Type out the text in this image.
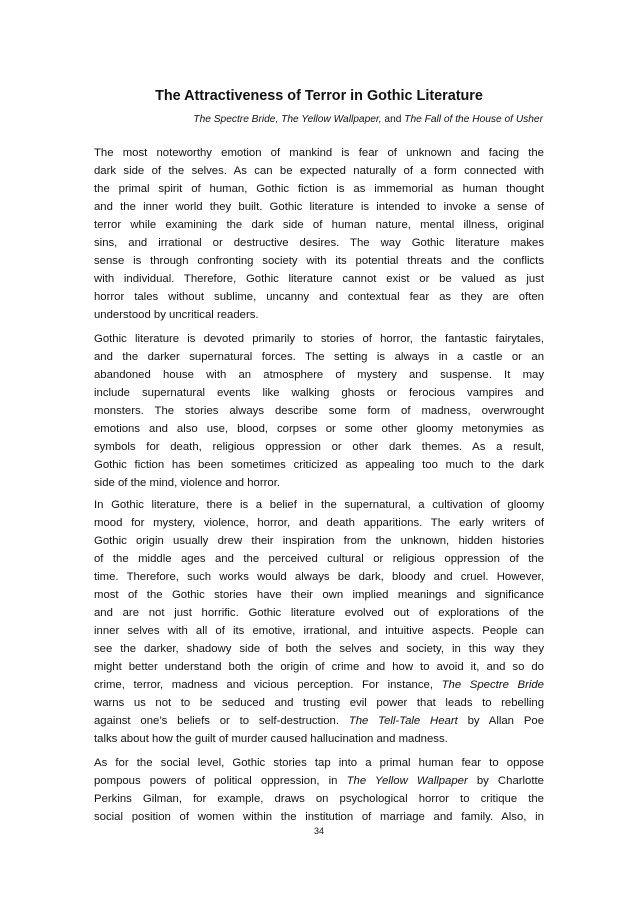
The Attractiveness of Terror in Gothic Literature
The Spectre Bride, The Yellow Wallpaper, and The Fall of the House of Usher
The most noteworthy emotion of mankind is fear of unknown and facing the
dark side of the selves. As can be expected naturally of a form connected with
the primal spirit of human, Gothic fiction is as immemorial as human thought
and the inner world they built. Gothic literature is intended to invoke a sense of
terror while examining the dark side of human nature, mental illness, original
sins, and irrational or destructive desires. The way Gothic literature makes
sense is through confronting society with its potential threats and the conflicts
with individual. Therefore, Gothic literature cannot exist or be valued as just
horror tales without sublime, uncanny and contextual fear as they are often
understood by uncritical readers.
Gothic literature is devoted primarily to stories of horror, the fantastic fairytales,
and the darker supernatural forces. The setting is always in a castle or an
abandoned house with an atmosphere of mystery and suspense. It may
include supernatural events like walking ghosts or ferocious vampires and
monsters. The stories always describe some form of madness, overwrought
emotions and also use, blood, corpses or some other gloomy metonymies as
symbols for death, religious oppression or other dark themes. As a result,
Gothic fiction has been sometimes criticized as appealing too much to the dark
side of the mind, violence and horror.
In Gothic literature, there is a belief in the supernatural, a cultivation of gloomy
mood for mystery, violence, horror, and death apparitions. The early writers of
Gothic origin usually drew their inspiration from the unknown, hidden histories
of the middle ages and the perceived cultural or religious oppression of the
time. Therefore, such works would always be dark, bloody and cruel. However,
most of the Gothic stories have their own implied meanings and significance
and are not just horrific. Gothic literature evolved out of explorations of the
inner selves with all of its emotive, irrational, and intuitive aspects. People can
see the darker, shadowy side of both the selves and society, in this way they
might better understand both the origin of crime and how to avoid it, and so do
crime, terror, madness and vicious perception. For instance, The Spectre Bride
warns us not to be seduced and trusting evil power that leads to rebelling
against one’s beliefs or to self-destruction. The Tell-Tale Heart by Allan Poe
talks about how the guilt of murder caused hallucination and madness.
As for the social level, Gothic stories tap into a primal human fear to oppose
pompous powers of political oppression, in The Yellow Wallpaper by Charlotte
Perkins Gilman, for example, draws on psychological horror to critique the
social position of women within the institution of marriage and family. Also, in
34
